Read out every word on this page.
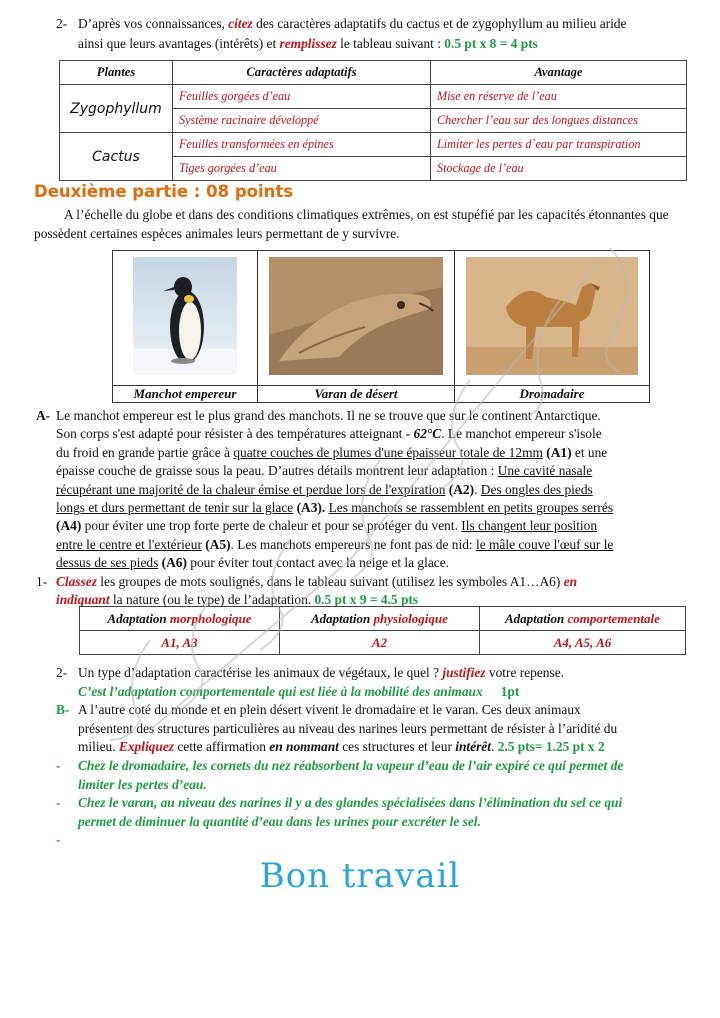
2- D’après vos connaissances, citez des caractères adaptatifs du cactus et de zygophyllum au milieu aride
ainsi que leurs avantages (intérêts) et remplissez le tableau suivant : 0.5 pt x 8 = 4 pts
Plantes	Caractères adaptatifs	Avantage
Zygophyllum	Feuilles gorgées d’eau	Mise en réserve de l’eau
	Système racinaire développé	Chercher l’eau sur des longues distances
Cactus	Feuilles transformées en épines	Limiter les pertes d`eau par transpiration
	Tiges gorgées d’eau	Stockage de l’eau
Deuxième partie : 08 points
A l’échelle du globe et dans des conditions climatiques extrêmes, on est stupéfié par les capacités étonnantes que possèdent certaines espèces animales leurs permettant de y survivre.

Manchot empereur	Varan de désert	Dromadaire
A- Le manchot empereur est le plus grand des manchots. Il ne se trouve que sur le continent Antarctique.
Son corps s'est adapté pour résister à des températures atteignant - 62°C. Le manchot empereur s'isole
du froid en grande partie grâce à quatre couches de plumes d'une épaisseur totale de 12mm (A1) et une
épaisse couche de graisse sous la peau. D’autres détails montrent leur adaptation : Une cavité nasale
récupérant une majorité de la chaleur émise et perdue lors de l'expiration (A2). Des ongles des pieds
longs et durs permettant de tenir sur la glace (A3). Les manchots se rassemblent en petits groupes serrés
(A4) pour éviter une trop forte perte de chaleur et pour se protéger du vent. Ils changent leur position
entre le centre et l'extérieur (A5). Les manchots empereurs ne font pas de nid: le mâle couve l'œuf sur le
dessus de ses pieds (A6) pour éviter tout contact avec la neige et la glace.
1- Classez les groupes de mots soulignés, dans le tableau suivant (utilisez les symboles A1…A6) en
indiquant la nature (ou le type) de l’adaptation. 0.5 pt x 9 = 4.5 pts
Adaptation morphologique	Adaptation physiologique	Adaptation comportementale
A1, A3	A2	A4, A5, A6
2- Un type d’adaptation caractérise les animaux de végétaux, le quel ? justifiez votre repense.
C’est l’adaptation comportementale qui est liée à la mobilité des animaux 1pt
B- A l’autre coté du monde et en plein désert vivent le dromadaire et le varan. Ces deux animaux
présentent des structures particulières au niveau des narines leurs permettant de résister à l’aridité du
milieu. Expliquez cette affirmation en nommant ces structures et leur intérêt. 2.5 pts= 1.25 pt x 2
- Chez le dromadaire, les cornets du nez réabsorbent la vapeur d’eau de l’air expiré ce qui permet de
limiter les pertes d’eau.
- Chez le varan, au niveau des narines il y a des glandes spécialisées dans l’élimination du sel ce qui
permet de diminuer la quantité d’eau dans les urines pour excréter le sel.
-
Bon travail
